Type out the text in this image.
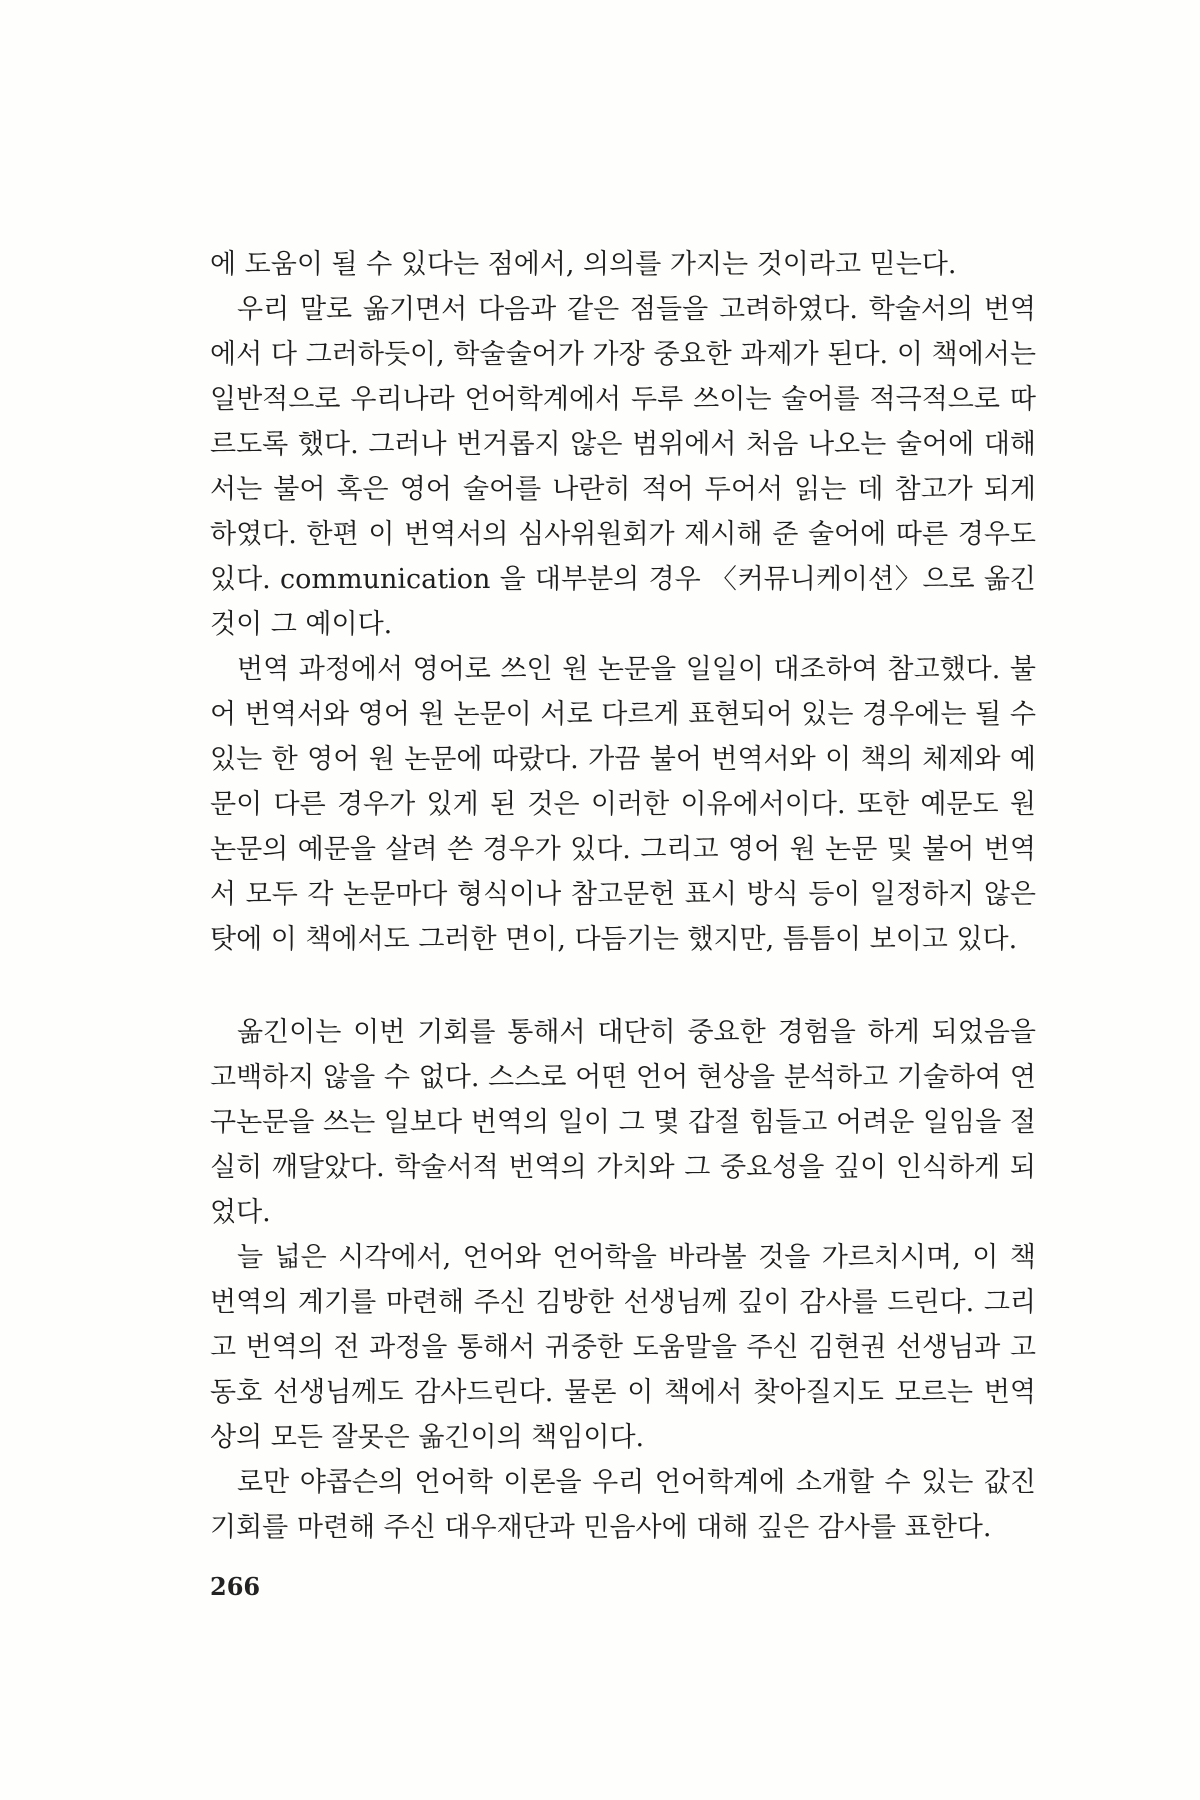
에 도움이 될 수 있다는 점에서, 의의를 가지는 것이라고 믿는다.

우리 말로 옮기면서 다음과 같은 점들을 고려하였다. 학술서의 번역에서 다 그러하듯이, 학술술어가 가장 중요한 과제가 된다. 이 책에서는 일반적으로 우리나라 언어학계에서 두루 쓰이는 술어를 적극적으로 따르도록 했다. 그러나 번거롭지 않은 범위에서 처음 나오는 술어에 대해서는 불어 혹은 영어 술어를 나란히 적어 두어서 읽는 데 참고가 되게 하였다. 한편 이 번역서의 심사위원회가 제시해 준 술어에 따른 경우도 있다. communication 을 대부분의 경우 〈커뮤니케이션〉으로 옮긴 것이 그 예이다.

번역 과정에서 영어로 쓰인 원 논문을 일일이 대조하여 참고했다. 불어 번역서와 영어 원 논문이 서로 다르게 표현되어 있는 경우에는 될 수 있는 한 영어 원 논문에 따랐다. 가끔 불어 번역서와 이 책의 체제와 예문이 다른 경우가 있게 된 것은 이러한 이유에서이다. 또한 예문도 원 논문의 예문을 살려 쓴 경우가 있다. 그리고 영어 원 논문 및 불어 번역서 모두 각 논문마다 형식이나 참고문헌 표시 방식 등이 일정하지 않은 탓에 이 책에서도 그러한 면이, 다듬기는 했지만, 틈틈이 보이고 있다.

옮긴이는 이번 기회를 통해서 대단히 중요한 경험을 하게 되었음을 고백하지 않을 수 없다. 스스로 어떤 언어 현상을 분석하고 기술하여 연구논문을 쓰는 일보다 번역의 일이 그 몇 갑절 힘들고 어려운 일임을 절실히 깨달았다. 학술서적 번역의 가치와 그 중요성을 깊이 인식하게 되었다.

늘 넓은 시각에서, 언어와 언어학을 바라볼 것을 가르치시며, 이 책 번역의 계기를 마련해 주신 김방한 선생님께 깊이 감사를 드린다. 그리고 번역의 전 과정을 통해서 귀중한 도움말을 주신 김현권 선생님과 고동호 선생님께도 감사드린다. 물론 이 책에서 찾아질지도 모르는 번역상의 모든 잘못은 옮긴이의 책임이다.

로만 야콥슨의 언어학 이론을 우리 언어학계에 소개할 수 있는 값진 기회를 마련해 주신 대우재단과 민음사에 대해 깊은 감사를 표한다.

266
